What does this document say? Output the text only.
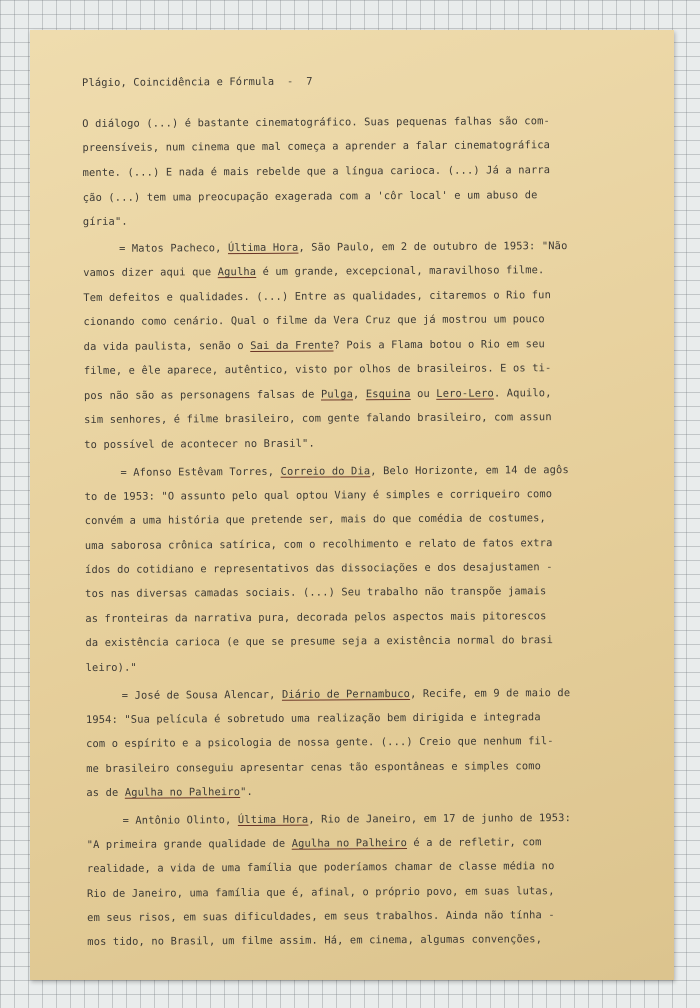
Plágio, Coincidência e Fórmula  -  7
O diálogo (...) é bastante cinematográfico. Suas pequenas falhas são com-
preensíveis, num cinema que mal começa a aprender a falar cinematográfica
mente. (...) E nada é mais rebelde que a língua carioca. (...) Já a narra
ção (...) tem uma preocupação exagerada com a 'côr local' e um abuso de
gíria".
= Matos Pacheco, Última Hora, São Paulo, em 2 de outubro de 1953: "Não
vamos dizer aqui que Agulha é um grande, excepcional, maravilhoso filme.
Tem defeitos e qualidades. (...) Entre as qualidades, citaremos o Rio fun
cionando como cenário. Qual o filme da Vera Cruz que já mostrou um pouco
da vida paulista, senão o Sai da Frente? Pois a Flama botou o Rio em seu
filme, e êle aparece, autêntico, visto por olhos de brasileiros. E os ti-
pos não são as personagens falsas de Pulga, Esquina ou Lero-Lero. Aquilo,
sim senhores, é filme brasileiro, com gente falando brasileiro, com assun
to possível de acontecer no Brasil".
= Afonso Estêvam Torres, Correio do Dia, Belo Horizonte, em 14 de agôs
to de 1953: "O assunto pelo qual optou Viany é simples e corriqueiro como
convém a uma história que pretende ser, mais do que comédia de costumes,
uma saborosa crônica satírica, com o recolhimento e relato de fatos extra
ídos do cotidiano e representativos das dissociações e dos desajustamen -
tos nas diversas camadas sociais. (...) Seu trabalho não transpõe jamais
as fronteiras da narrativa pura, decorada pelos aspectos mais pitorescos
da existência carioca (e que se presume seja a existência normal do brasi
leiro)."
= José de Sousa Alencar, Diário de Pernambuco, Recife, em 9 de maio de
1954: "Sua película é sobretudo uma realização bem dirigida e integrada
com o espírito e a psicologia de nossa gente. (...) Creio que nenhum fil-
me brasileiro conseguiu apresentar cenas tão espontâneas e simples como
as de Agulha no Palheiro".
= Antônio Olinto, Última Hora, Rio de Janeiro, em 17 de junho de 1953:
"A primeira grande qualidade de Agulha no Palheiro é a de refletir, com
realidade, a vida de uma família que poderíamos chamar de classe média no
Rio de Janeiro, uma família que é, afinal, o próprio povo, em suas lutas,
em seus risos, em suas dificuldades, em seus trabalhos. Ainda não tínha -
mos tido, no Brasil, um filme assim. Há, em cinema, algumas convenções,
